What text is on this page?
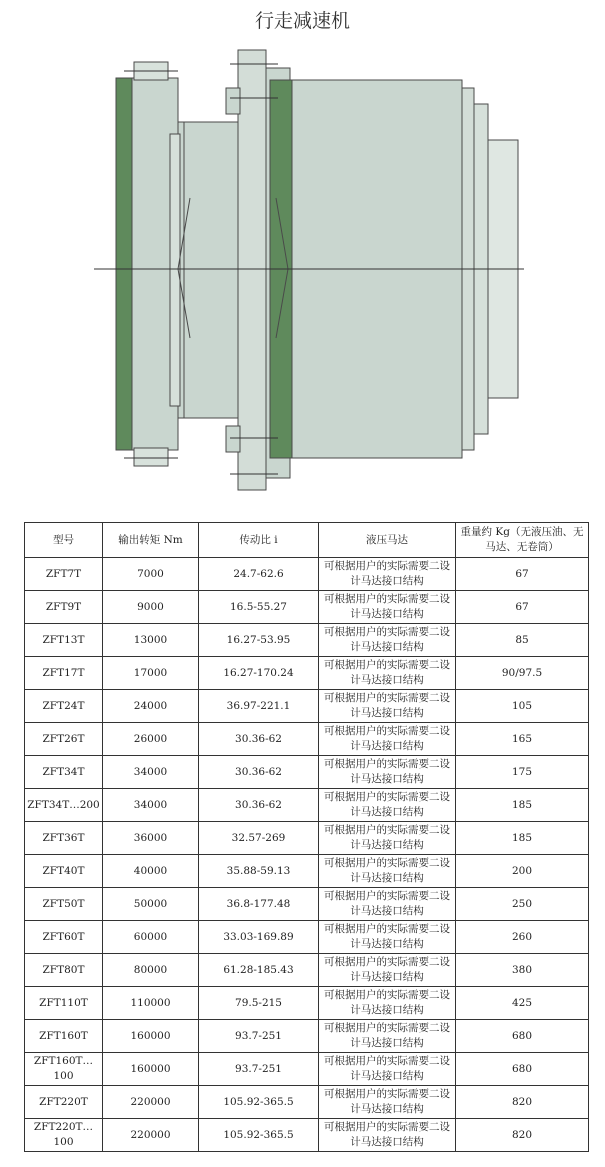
行走减速机
型号	输出转矩 Nm	传动比 i	液压马达	重量约 Kg（无液压油、无马达、无卷筒）
ZFT7T	7000	24.7-62.6	可根据用户的实际需要二设计马达接口结构	67
ZFT9T	9000	16.5-55.27	可根据用户的实际需要二设计马达接口结构	67
ZFT13T	13000	16.27-53.95	可根据用户的实际需要二设计马达接口结构	85
ZFT17T	17000	16.27-170.24	可根据用户的实际需要二设计马达接口结构	90/97.5
ZFT24T	24000	36.97-221.1	可根据用户的实际需要二设计马达接口结构	105
ZFT26T	26000	30.36-62	可根据用户的实际需要二设计马达接口结构	165
ZFT34T	34000	30.36-62	可根据用户的实际需要二设计马达接口结构	175
ZFT34T…200	34000	30.36-62	可根据用户的实际需要二设计马达接口结构	185
ZFT36T	36000	32.57-269	可根据用户的实际需要二设计马达接口结构	185
ZFT40T	40000	35.88-59.13	可根据用户的实际需要二设计马达接口结构	200
ZFT50T	50000	36.8-177.48	可根据用户的实际需要二设计马达接口结构	250
ZFT60T	60000	33.03-169.89	可根据用户的实际需要二设计马达接口结构	260
ZFT80T	80000	61.28-185.43	可根据用户的实际需要二设计马达接口结构	380
ZFT110T	110000	79.5-215	可根据用户的实际需要二设计马达接口结构	425
ZFT160T	160000	93.7-251	可根据用户的实际需要二设计马达接口结构	680
ZFT160T…100	160000	93.7-251	可根据用户的实际需要二设计马达接口结构	680
ZFT220T	220000	105.92-365.5	可根据用户的实际需要二设计马达接口结构	820
ZFT220T…100	220000	105.92-365.5	可根据用户的实际需要二设计马达接口结构	820
